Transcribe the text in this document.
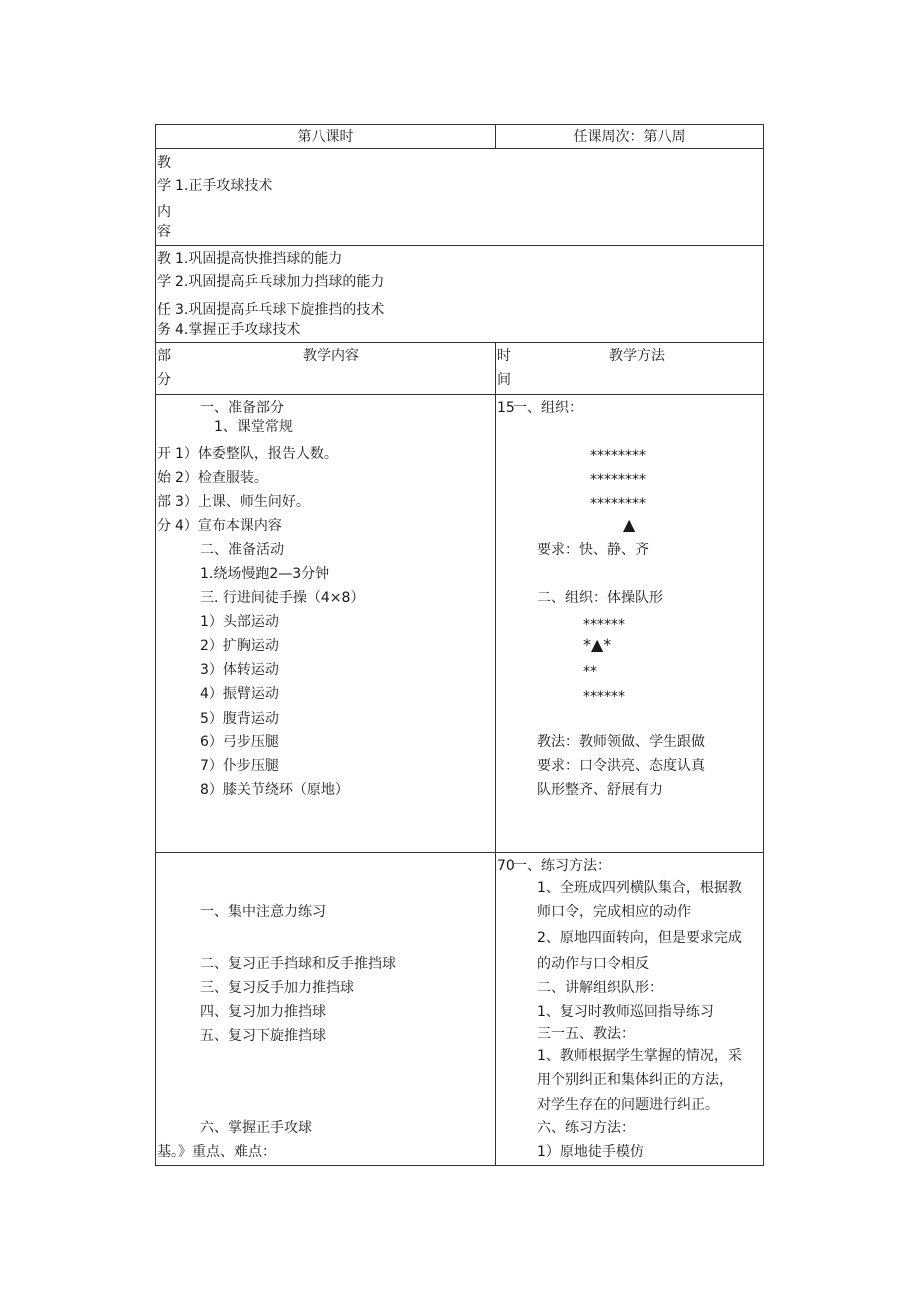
第八课时	任课周次：第八周
教
学 1.正手攻球技术
内
容
教 1.巩固提高快推挡球的能力
学 2.巩固提高乒乓球加力挡球的能力
任 3.巩固提高乒乓球下旋推挡的技术
务 4.掌握正手攻球技术
部
分
教学内容	时
间
教学方法
开
始
部
分
一、准备部分
1、课堂常规
1）体委整队，报告人数。
2）检查服装。
3）上课、师生问好。
4）宣布本课内容
二、准备活动
1.绕场慢跑2—3分钟
三. 行进间徒手操（4×8）
1）头部运动
2）扩胸运动
3）体转运动
4）振臂运动
5）腹背运动
6）弓步压腿
7）仆步压腿
8）膝关节绕环（原地）
15
一、组织：
********
********
********
▲
要求：快、静、齐
二、组织：体操队形
******
*▲*
**
******
教法：教师领做、学生跟做
要求：口令洪亮、态度认真
队形整齐、舒展有力
一、集中注意力练习
二、复习正手挡球和反手推挡球
三、复习反手加力推挡球
四、复习加力推挡球
五、复习下旋推挡球
六、掌握正手攻球
基。》重点、难点：
70
一、练习方法：
1、全班成四列横队集合，根据教
师口令，完成相应的动作
2、原地四面转向，但是要求完成
的动作与口令相反
二、讲解组织队形：
1、复习时教师巡回指导练习
三一五、教法：
1、教师根据学生掌握的情况，采
用个别纠正和集体纠正的方法，
对学生存在的问题进行纠正。
六、练习方法：
1）原地徒手模仿
